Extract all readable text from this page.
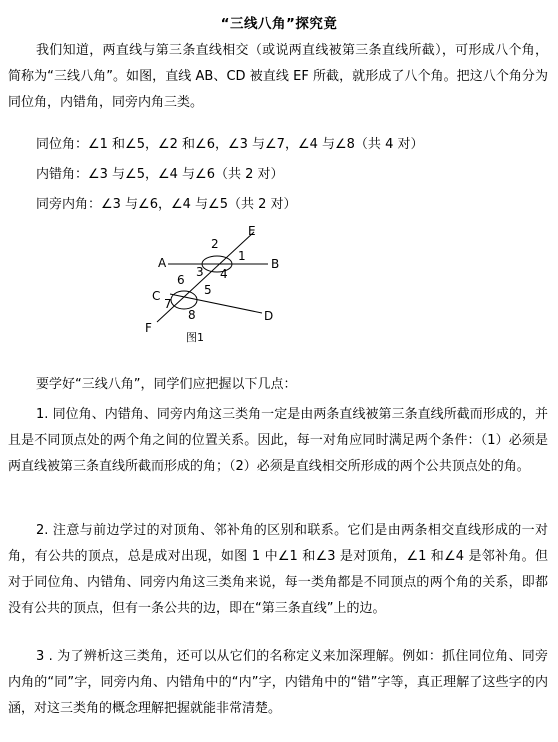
“三线八角”探究竟
我们知道，两直线与第三条直线相交（或说两直线被第三条直线所截），可形成八个角，简称为“三线八角”。如图，直线 AB、CD 被直线 EF 所截，就形成了八个角。把这八个角分为同位角，内错角，同旁内角三类。
同位角：∠1 和∠5，∠2 和∠6，∠3 与∠7，∠4 与∠8（共 4 对）
内错角：∠3 与∠5，∠4 与∠6（共 2 对）
同旁内角：∠3 与∠6，∠4 与∠5（共 2 对）
A	B
C
D
E
F
1
2
3 4
5
6
7
8
图1
要学好“三线八角”，同学们应把握以下几点：
1. 同位角、内错角、同旁内角这三类角一定是由两条直线被第三条直线所截而形成的，并且是不同顶点处的两个角之间的位置关系。因此，每一对角应同时满足两个条件：（1）必须是两直线被第三条直线所截而形成的角；（2）必须是直线相交所形成的两个公共顶点处的角。
2. 注意与前边学过的对顶角、邻补角的区别和联系。它们是由两条相交直线形成的一对角，有公共的顶点，总是成对出现，如图 1 中∠1 和∠3 是对顶角，∠1 和∠4 是邻补角。但对于同位角、内错角、同旁内角这三类角来说，每一类角都是不同顶点的两个角的关系，即都没有公共的顶点，但有一条公共的边，即在“第三条直线”上的边。
3 . 为了辨析这三类角，还可以从它们的名称定义来加深理解。例如：抓住同位角、同旁内角的“同”字，同旁内角、内错角中的“内”字，内错角中的“错”字等，真正理解了这些字的内涵，对这三类角的概念理解把握就能非常清楚。
